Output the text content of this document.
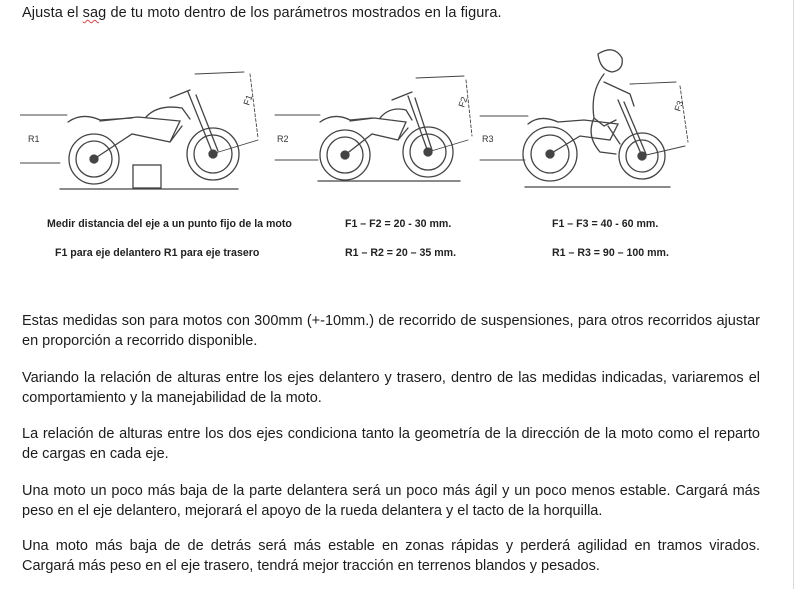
Ajusta el sag de tu moto dentro de los parámetros mostrados en la figura.
R1
F1
R2
F2
R3
F3
Medir distancia del eje a un punto fijo de la moto
F1 para eje delantero R1 para eje trasero
F1 – F2 = 20 - 30 mm.
R1 – R2 = 20 – 35 mm.
F1 – F3 = 40 - 60 mm.
R1 – R3 = 90 – 100 mm.
Estas medidas son para motos con 300mm (+-10mm.) de recorrido de suspensiones, para otros recorridos ajustar en proporción a recorrido disponible.
Variando la relación de alturas entre los ejes delantero y trasero, dentro de las medidas indicadas, variaremos el comportamiento y la manejabilidad de la moto.
La relación de alturas entre los dos ejes condiciona tanto la geometría de la dirección de la moto como el reparto de cargas en cada eje.
Una moto un poco más baja de la parte delantera será un poco más ágil y un poco menos estable. Cargará más peso en el eje delantero, mejorará el apoyo de la rueda delantera y el tacto de la horquilla.
Una moto más baja de de detrás será más estable en zonas rápidas y perderá agilidad en tramos virados. Cargará más peso en el eje trasero, tendrá mejor tracción en terrenos blandos y pesados.
